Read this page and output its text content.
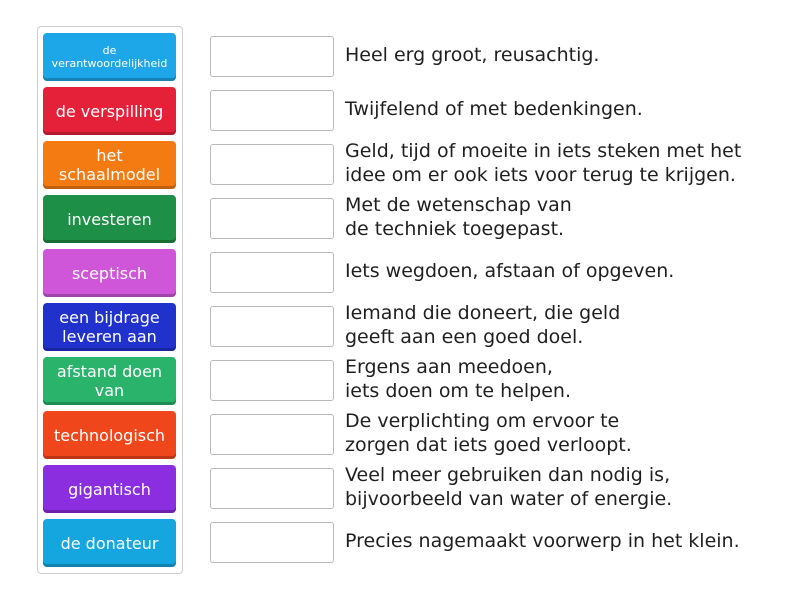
de verantwoordelijkheid
de verspilling
het schaalmodel
investeren
sceptisch
een bijdrage leveren aan
afstand doen van
technologisch
gigantisch
de donateur
Heel erg groot, reusachtig.
Twijfelend of met bedenkingen.
Geld, tijd of moeite in iets steken met het
idee om er ook iets voor terug te krijgen.
Met de wetenschap van
de techniek toegepast.
Iets wegdoen, afstaan of opgeven.
Iemand die doneert, die geld
geeft aan een goed doel.
Ergens aan meedoen,
iets doen om te helpen.
De verplichting om ervoor te
zorgen dat iets goed verloopt.
Veel meer gebruiken dan nodig is,
bijvoorbeeld van water of energie.
Precies nagemaakt voorwerp in het klein.
